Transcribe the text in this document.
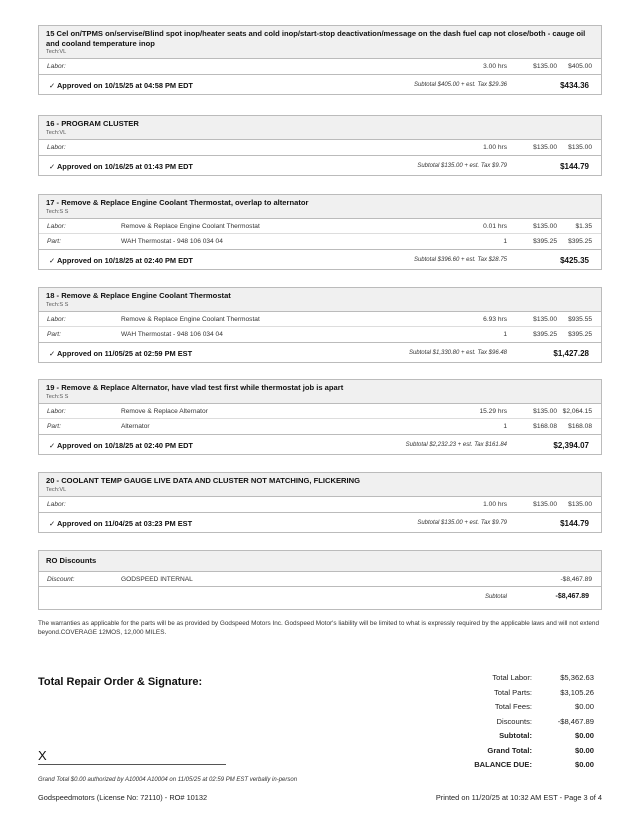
15 Cel on/TPMS on/servise/Blind spot inop/heater seats and cold inop/start-stop deactivation/message on the dash fuel cap not close/both - cauge oil and cooland temperature inop
Tech:VL
Labor:	3.00 hrs	$135.00 $405.00
✓ Approved on 10/15/25 at 04:58 PM EDT	Subtotal $405.00 + est. Tax $29.36	$434.36
16 - PROGRAM CLUSTER
Tech:VL
Labor:	1.00 hrs	$135.00 $135.00
✓ Approved on 10/16/25 at 01:43 PM EDT	Subtotal $135.00 + est. Tax $9.79	$144.79
17 - Remove & Replace Engine Coolant Thermostat, overlap to alternator
Tech:S S
Labor:	Remove & Replace Engine Coolant Thermostat	0.01 hrs	$135.00	$1.35
Part:	WAH Thermostat - 948 106 034 04	1	$395.25 $395.25
✓ Approved on 10/18/25 at 02:40 PM EDT	Subtotal $396.60 + est. Tax $28.75	$425.35
18 - Remove & Replace Engine Coolant Thermostat
Tech:S S
Labor:	Remove & Replace Engine Coolant Thermostat	6.93 hrs	$135.00 $935.55
Part:	WAH Thermostat - 948 106 034 04	1	$395.25 $395.25
✓ Approved on 11/05/25 at 02:59 PM EST	Subtotal $1,330.80 + est. Tax $96.48	$1,427.28
19 - Remove & Replace Alternator, have vlad test first while thermostat job is apart
Tech:S S
Labor:	Remove & Replace Alternator	15.29 hrs	$135.00 $2,064.15
Part:	Alternator	1	$168.08 $168.08
✓ Approved on 10/18/25 at 02:40 PM EDT	Subtotal $2,232.23 + est. Tax $161.84	$2,394.07
20 - COOLANT TEMP GAUGE LIVE DATA AND CLUSTER NOT MATCHING, FLICKERING
Tech:VL
Labor:	1.00 hrs	$135.00 $135.00
✓ Approved on 11/04/25 at 03:23 PM EST	Subtotal $135.00 + est. Tax $9.79	$144.79
RO Discounts
Discount:	GODSPEED INTERNAL	-$8,467.89
Subtotal	-$8,467.89
The warranties as applicable for the parts will be as provided by Godspeed Motors Inc. Godspeed Motor's liability will be limited to what is expressly required by the applicable laws and will not extend beyond.COVERAGE 12MOS, 12,000 MILES.
Total Repair Order & Signature:	Total Labor:	$5,362.63
Total Parts:	$3,105.26
Total Fees:	$0.00
Discounts:	-$8,467.89
Subtotal:	$0.00
Grand Total:	$0.00
BALANCE DUE:	$0.00
X
Grand Total $0.00 authorized by A10004 A10004 on 11/05/25 at 02:59 PM EST verbally in-person
Godspeedmotors (License No: 72110) - RO# 10132	Printed on 11/20/25 at 10:32 AM EST - Page 3 of 4
